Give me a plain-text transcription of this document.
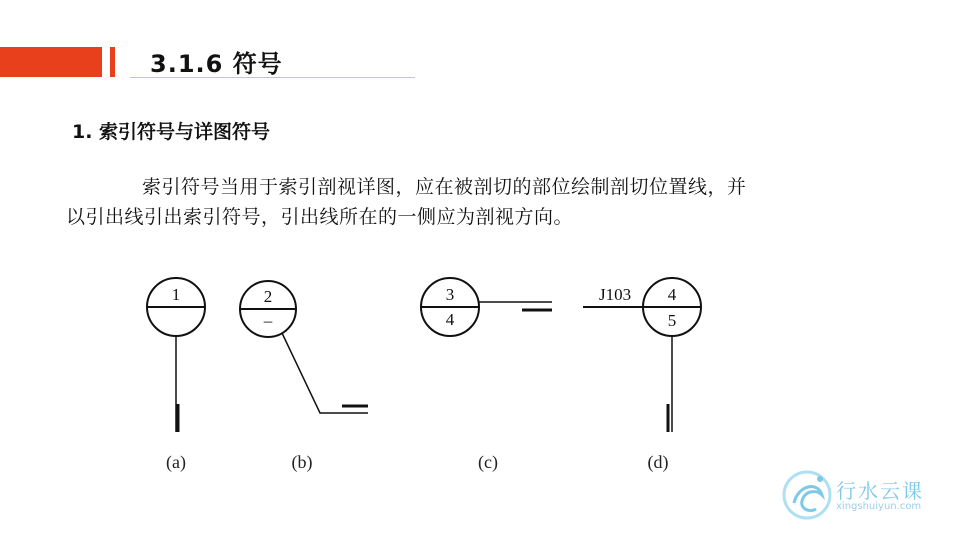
3.1.6 符号
1. 索引符号与详图符号
索引符号当用于索引剖视详图，应在被剖切的部位绘制剖切位置线，并
以引出线引出索引符号，引出线所在的一侧应为剖视方向。
1
(a)
2
–
(b)
3
4
(c)
J103 4
5
(d)
行水云课
xingshuiyun.com
